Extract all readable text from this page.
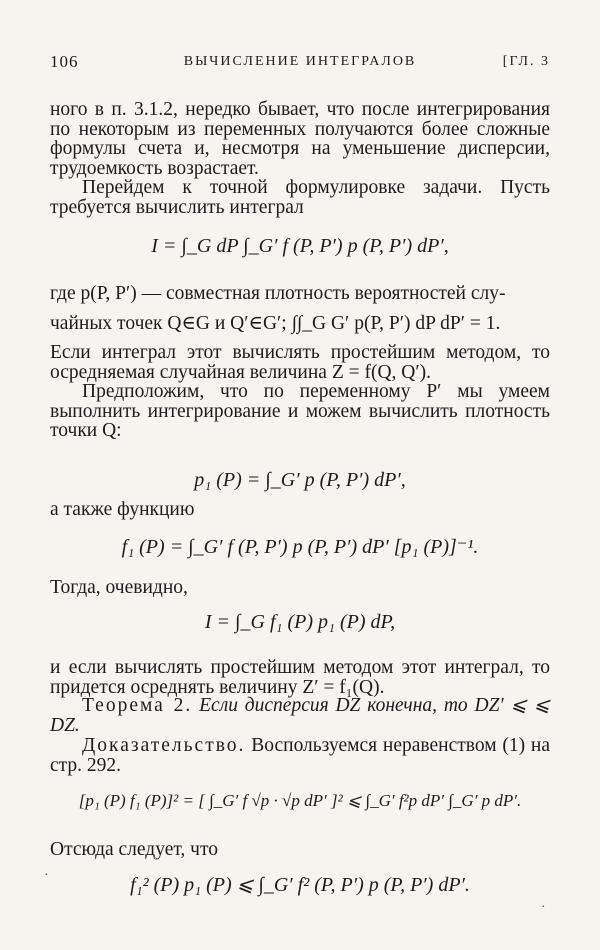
106	ВЫЧИСЛЕНИЕ ИНТЕГРАЛОВ	[ГЛ. 3
ного в п. 3.1.2, нередко бывает, что после интегрирования по некоторым из переменных получаются более сложные формулы счета и, несмотря на уменьшение дисперсии, трудоемкость возрастает.
Перейдем к точной формулировке задачи. Пусть требуется вычислить интеграл
I = ∫_G dP ∫_G′ f (P, P′) p (P, P′) dP′,
где p(P, P′) — совместная плотность вероятностей слу-
чайных точек Q∈G и Q′∈G′; ∫∫_G G′ p(P, P′) dP dP′ = 1.
Если интеграл этот вычислять простейшим методом, то осредняемая случайная величина Z = f(Q, Q′).
Предположим, что по переменному P′ мы умеем выполнить интегрирование и можем вычислить плотность точки Q:
p₁ (P) = ∫_G′ p (P, P′) dP′,
а также функцию
f₁ (P) = ∫_G′ f (P, P′) p (P, P′) dP′ [p₁ (P)]⁻¹.
Тогда, очевидно,
I = ∫_G f₁ (P) p₁ (P) dP,
и если вычислять простейшим методом этот интеграл, то придется осреднять величину Z′ = f₁(Q).
Теорема 2. Если дисперсия DZ конечна, то DZ′ ⩽ ⩽ DZ.
Доказательство. Воспользуемся неравенством (1) на стр. 292.
[p₁ (P) f₁ (P)]² = [ ∫_G′ f √p · √p dP′ ]² ⩽ ∫_G′ f²p dP′ ∫_G′ p dP′.
Отсюда следует, что
f₁² (P) p₁ (P) ⩽ ∫_G′ f² (P, P′) p (P, P′) dP′.
·
·
